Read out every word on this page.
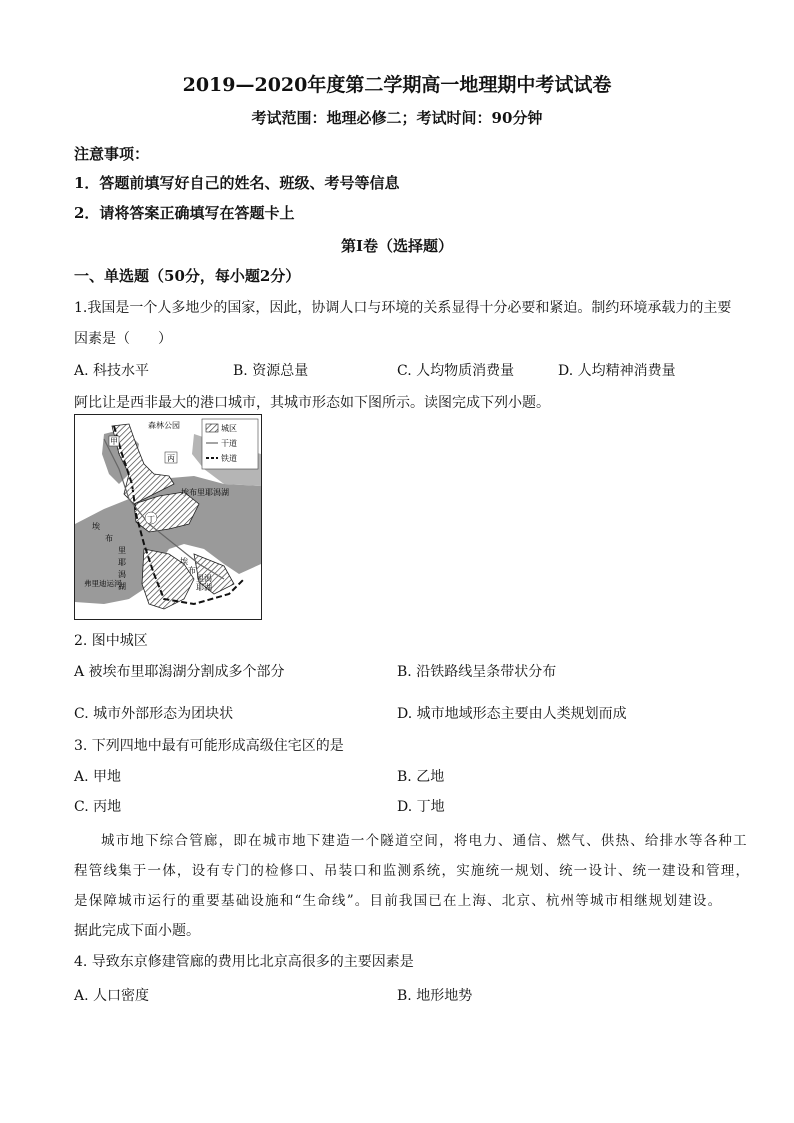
2019—2020年度第二学期高一地理期中考试试卷
考试范围：地理必修二；考试时间：90分钟
注意事项：
1．答题前填写好自己的姓名、班级、考号等信息
2．请将答案正确填写在答题卡上
第I卷（选择题）
一、单选题（50分，每小题2分）
1.我国是一个人多地少的国家，因此，协调人口与环境的关系显得十分必要和紧迫。制约环境承载力的主要
因素是（　　）
A. 科技水平	B. 资源总量	C. 人均物质消费量	D. 人均精神消费量
阿比让是西非最大的港口城市，其城市形态如下图所示。读图完成下列小题。
城区
干道
铁道
森林公园
甲
丙
乙
丁
埃布里耶潟湖
埃
布
里
耶
潟
湖
埃
布
里
耶
潟
湖
弗里迪运河
2. 图中城区
A 被埃布里耶潟湖分割成多个部分	B. 沿铁路线呈条带状分布
C. 城市外部形态为团块状	D. 城市地域形态主要由人类规划而成
3. 下列四地中最有可能形成高级住宅区的是
A. 甲地	B. 乙地
C. 丙地	D. 丁地
城市地下综合管廊，即在城市地下建造一个隧道空间，将电力、通信、燃气、供热、给排水等各种工
程管线集于一体，设有专门的检修口、吊装口和监测系统，实施统一规划、统一设计、统一建设和管理，
是保障城市运行的重要基础设施和“生命线”。目前我国已在上海、北京、杭州等城市相继规划建设。
据此完成下面小题。
4. 导致东京修建管廊的费用比北京高很多的主要因素是
A. 人口密度	B. 地形地势
